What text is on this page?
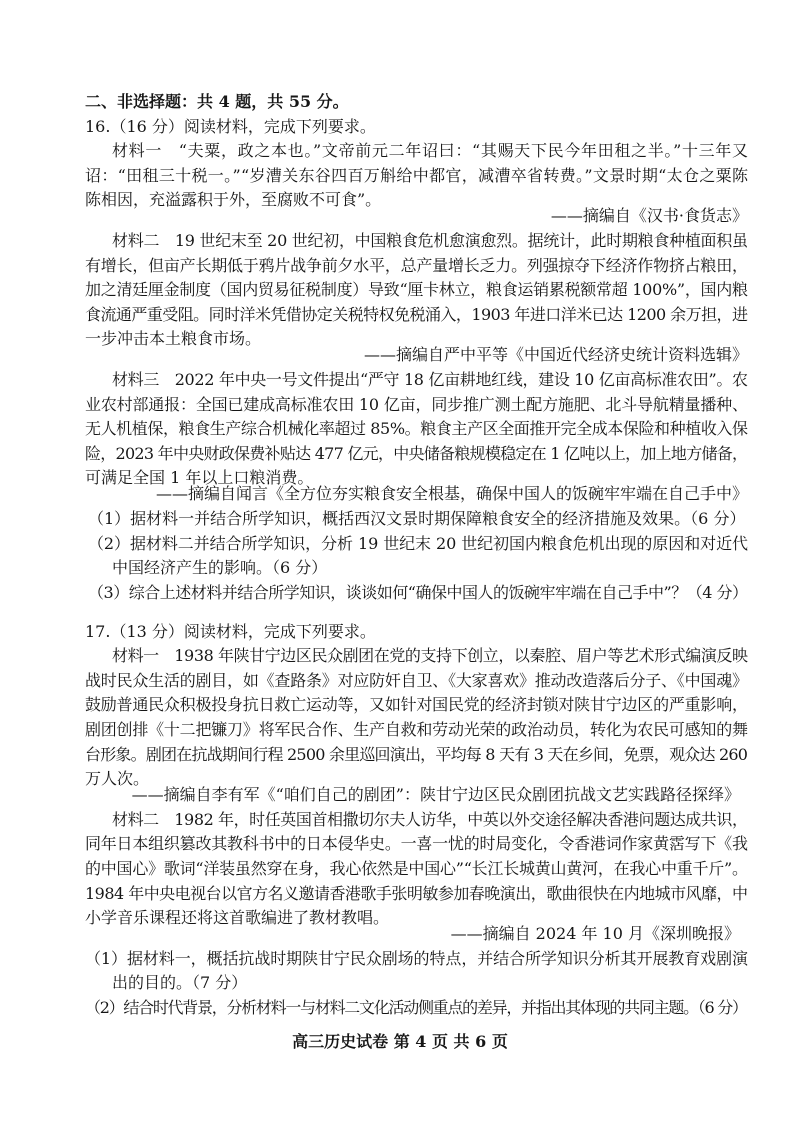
二、非选择题：共 4 题，共 55 分。
16.（16 分）阅读材料，完成下列要求。
材料一　“夫粟，政之本也。”文帝前元二年诏曰：“其赐天下民今年田租之半。”十三年又
诏：“田租三十税一。”“岁漕关东谷四百万斛给中都官，减漕卒省转费。”文景时期“太仓之粟陈
陈相因，充溢露积于外，至腐败不可食”。
——摘编自《汉书·食货志》
材料二　19 世纪末至 20 世纪初，中国粮食危机愈演愈烈。据统计，此时期粮食种植面积虽
有增长，但亩产长期低于鸦片战争前夕水平，总产量增长乏力。列强掠夺下经济作物挤占粮田，
加之清廷厘金制度（国内贸易征税制度）导致“厘卡林立，粮食运销累税额常超 100%”，国内粮
食流通严重受阻。同时洋米凭借协定关税特权免税涌入，1903 年进口洋米已达 1200 余万担，进
一步冲击本土粮食市场。
——摘编自严中平等《中国近代经济史统计资料选辑》
材料三　2022 年中央一号文件提出“严守 18 亿亩耕地红线，建设 10 亿亩高标准农田”。农
业农村部通报：全国已建成高标准农田 10 亿亩，同步推广测土配方施肥、北斗导航精量播种、
无人机植保，粮食生产综合机械化率超过 85%。粮食主产区全面推开完全成本保险和种植收入保
险，2023 年中央财政保费补贴达 477 亿元，中央储备粮规模稳定在 1 亿吨以上，加上地方储备，
可满足全国 1 年以上口粮消费。
——摘编自闻言《全方位夯实粮食安全根基，确保中国人的饭碗牢牢端在自己手中》
（1）据材料一并结合所学知识，概括西汉文景时期保障粮食安全的经济措施及效果。（6 分）
（2）据材料二并结合所学知识，分析 19 世纪末 20 世纪初国内粮食危机出现的原因和对近代
中国经济产生的影响。（6 分）
（3）综合上述材料并结合所学知识，谈谈如何“确保中国人的饭碗牢牢端在自己手中”？（4 分）
17.（13 分）阅读材料，完成下列要求。
材料一　1938 年陕甘宁边区民众剧团在党的支持下创立，以秦腔、眉户等艺术形式编演反映
战时民众生活的剧目，如《查路条》对应防奸自卫、《大家喜欢》推动改造落后分子、《中国魂》
鼓励普通民众积极投身抗日救亡运动等，又如针对国民党的经济封锁对陕甘宁边区的严重影响，
剧团创排《十二把镰刀》将军民合作、生产自救和劳动光荣的政治动员，转化为农民可感知的舞
台形象。剧团在抗战期间行程 2500 余里巡回演出，平均每 8 天有 3 天在乡间，免票，观众达 260
万人次。
——摘编自李有军《“咱们自己的剧团”：陕甘宁边区民众剧团抗战文艺实践路径探绎》
材料二　1982 年，时任英国首相撒切尔夫人访华，中英以外交途径解决香港问题达成共识，
同年日本组织篡改其教科书中的日本侵华史。一喜一忧的时局变化，令香港词作家黄霑写下《我
的中国心》歌词“洋装虽然穿在身，我心依然是中国心”“长江长城黄山黄河，在我心中重千斤”。
1984 年中央电视台以官方名义邀请香港歌手张明敏参加春晚演出，歌曲很快在内地城市风靡，中
小学音乐课程还将这首歌编进了教材教唱。
——摘编自 2024 年 10 月《深圳晚报》
（1）据材料一，概括抗战时期陕甘宁民众剧场的特点，并结合所学知识分析其开展教育戏剧演
出的目的。（7 分）
（2）结合时代背景，分析材料一与材料二文化活动侧重点的差异，并指出其体现的共同主题。（6 分）
高三历史试卷 第 4 页 共 6 页
